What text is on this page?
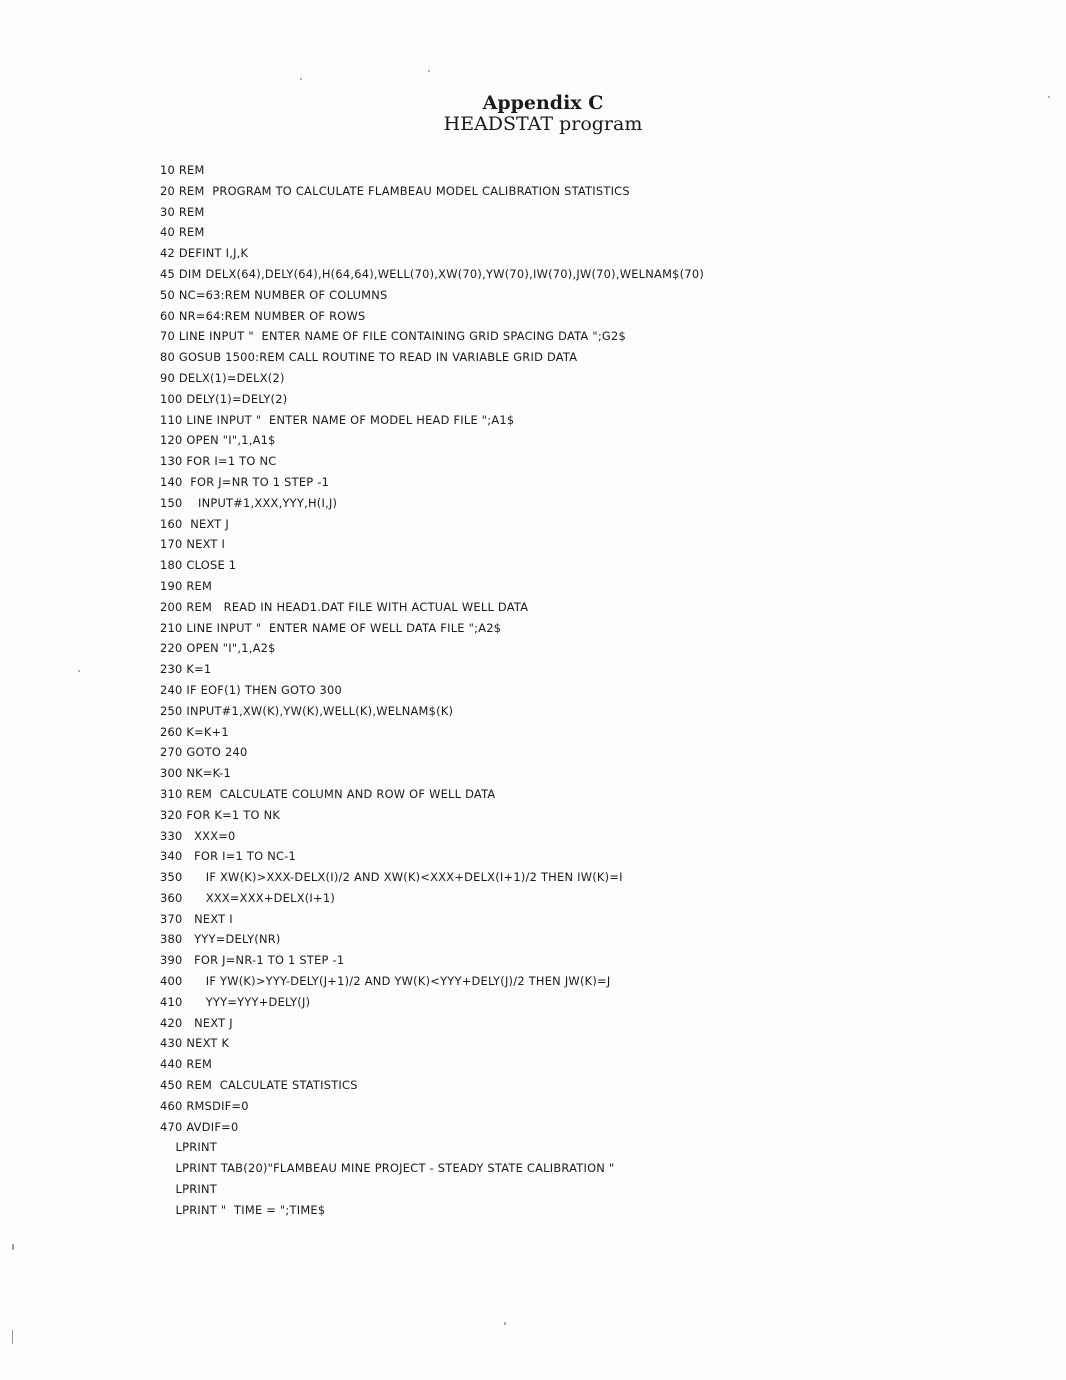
Appendix C
HEADSTAT program
10 REM
20 REM  PROGRAM TO CALCULATE FLAMBEAU MODEL CALIBRATION STATISTICS
30 REM
40 REM
42 DEFINT I,J,K
45 DIM DELX(64),DELY(64),H(64,64),WELL(70),XW(70),YW(70),IW(70),JW(70),WELNAM$(70)
50 NC=63:REM NUMBER OF COLUMNS
60 NR=64:REM NUMBER OF ROWS
70 LINE INPUT "  ENTER NAME OF FILE CONTAINING GRID SPACING DATA ";G2$
80 GOSUB 1500:REM CALL ROUTINE TO READ IN VARIABLE GRID DATA
90 DELX(1)=DELX(2)
100 DELY(1)=DELY(2)
110 LINE INPUT "  ENTER NAME OF MODEL HEAD FILE ";A1$
120 OPEN "I",1,A1$
130 FOR I=1 TO NC
140  FOR J=NR TO 1 STEP -1
150    INPUT#1,XXX,YYY,H(I,J)
160  NEXT J
170 NEXT I
180 CLOSE 1
190 REM
200 REM   READ IN HEAD1.DAT FILE WITH ACTUAL WELL DATA
210 LINE INPUT "  ENTER NAME OF WELL DATA FILE ";A2$
220 OPEN "I",1,A2$
230 K=1
240 IF EOF(1) THEN GOTO 300
250 INPUT#1,XW(K),YW(K),WELL(K),WELNAM$(K)
260 K=K+1
270 GOTO 240
300 NK=K-1
310 REM  CALCULATE COLUMN AND ROW OF WELL DATA
320 FOR K=1 TO NK
330   XXX=0
340   FOR I=1 TO NC-1
350      IF XW(K)>XXX-DELX(I)/2 AND XW(K)<XXX+DELX(I+1)/2 THEN IW(K)=I
360      XXX=XXX+DELX(I+1)
370   NEXT I
380   YYY=DELY(NR)
390   FOR J=NR-1 TO 1 STEP -1
400      IF YW(K)>YYY-DELY(J+1)/2 AND YW(K)<YYY+DELY(J)/2 THEN JW(K)=J
410      YYY=YYY+DELY(J)
420   NEXT J
430 NEXT K
440 REM
450 REM  CALCULATE STATISTICS
460 RMSDIF=0
470 AVDIF=0
LPRINT
LPRINT TAB(20)"FLAMBEAU MINE PROJECT - STEADY STATE CALIBRATION "
LPRINT
LPRINT "  TIME = ";TIME$
